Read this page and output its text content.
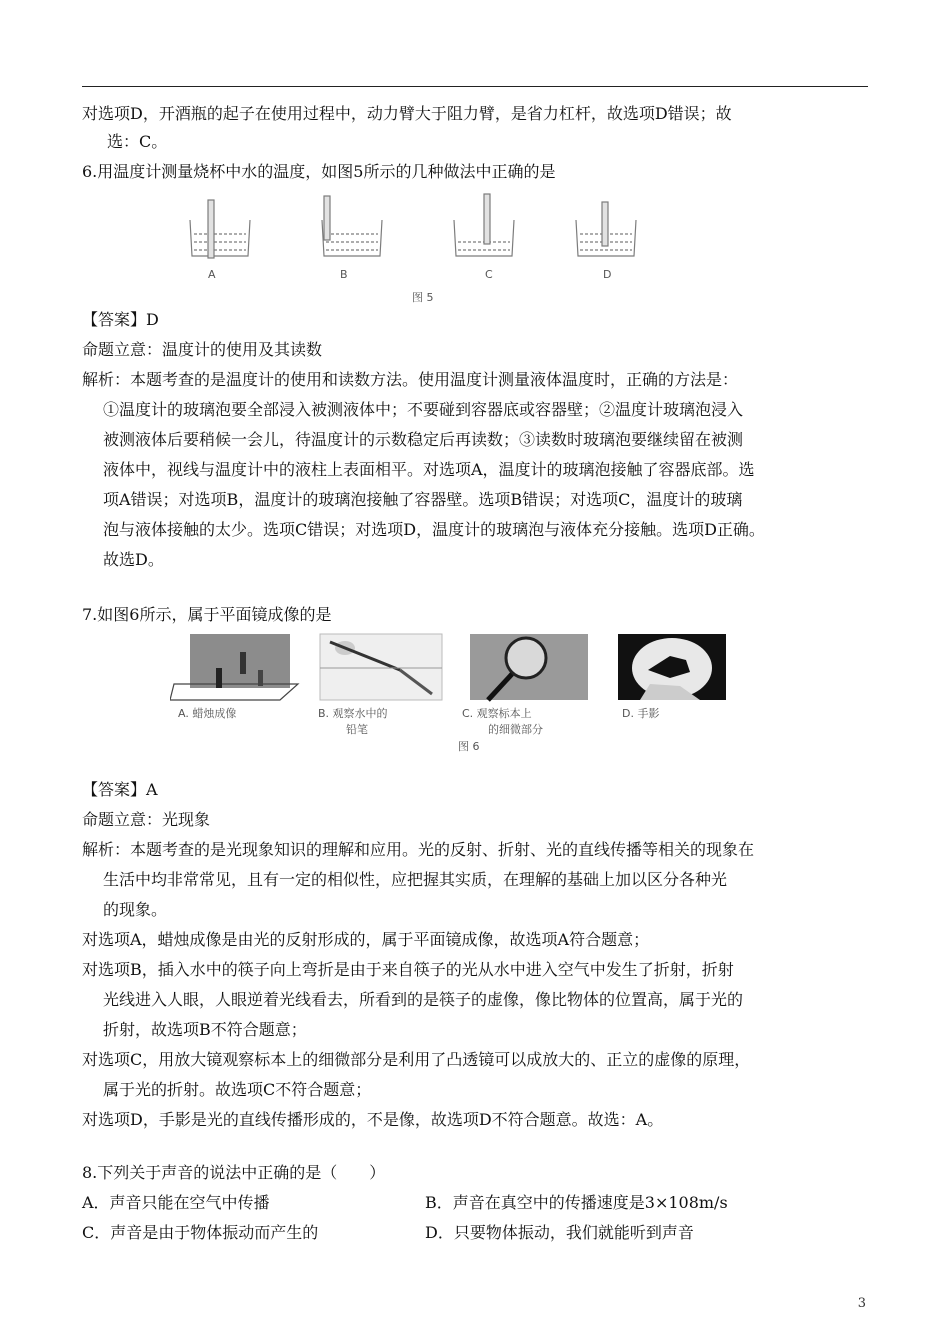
对选项D，开酒瓶的起子在使用过程中，动力臂大于阻力臂，是省力杠杆，故选项D错误；故
选：C。
6.用温度计测量烧杯中水的温度，如图5所示的几种做法中正确的是
A	B	C	D
图 5
【答案】D
命题立意：温度计的使用及其读数
解析：本题考查的是温度计的使用和读数方法。使用温度计测量液体温度时，正确的方法是：
①温度计的玻璃泡要全部浸入被测液体中；不要碰到容器底或容器壁；②温度计玻璃泡浸入
被测液体后要稍候一会儿，待温度计的示数稳定后再读数；③读数时玻璃泡要继续留在被测
液体中，视线与温度计中的液柱上表面相平。对选项A，温度计的玻璃泡接触了容器底部。选
项A错误；对选项B，温度计的玻璃泡接触了容器壁。选项B错误；对选项C，温度计的玻璃
泡与液体接触的太少。选项C错误；对选项D，温度计的玻璃泡与液体充分接触。选项D正确。
故选D。
7.如图6所示，属于平面镜成像的是
A. 蜡烛成像	B. 观察水中的
铅笔
C. 观察标本上
的细微部分
D. 手影
图 6
【答案】A
命题立意：光现象
解析：本题考查的是光现象知识的理解和应用。光的反射、折射、光的直线传播等相关的现象在
生活中均非常常见，且有一定的相似性，应把握其实质，在理解的基础上加以区分各种光
的现象。
对选项A，蜡烛成像是由光的反射形成的，属于平面镜成像，故选项A符合题意；
对选项B，插入水中的筷子向上弯折是由于来自筷子的光从水中进入空气中发生了折射，折射
光线进入人眼，人眼逆着光线看去，所看到的是筷子的虚像，像比物体的位置高，属于光的
折射，故选项B不符合题意；
对选项C，用放大镜观察标本上的细微部分是利用了凸透镜可以成放大的、正立的虚像的原理，
属于光的折射。故选项C不符合题意；
对选项D，手影是光的直线传播形成的，不是像，故选项D不符合题意。故选：A。
8.下列关于声音的说法中正确的是（　　）
A．声音只能在空气中传播	B．声音在真空中的传播速度是3×108m/s
C．声音是由于物体振动而产生的	D．只要物体振动，我们就能听到声音
3
